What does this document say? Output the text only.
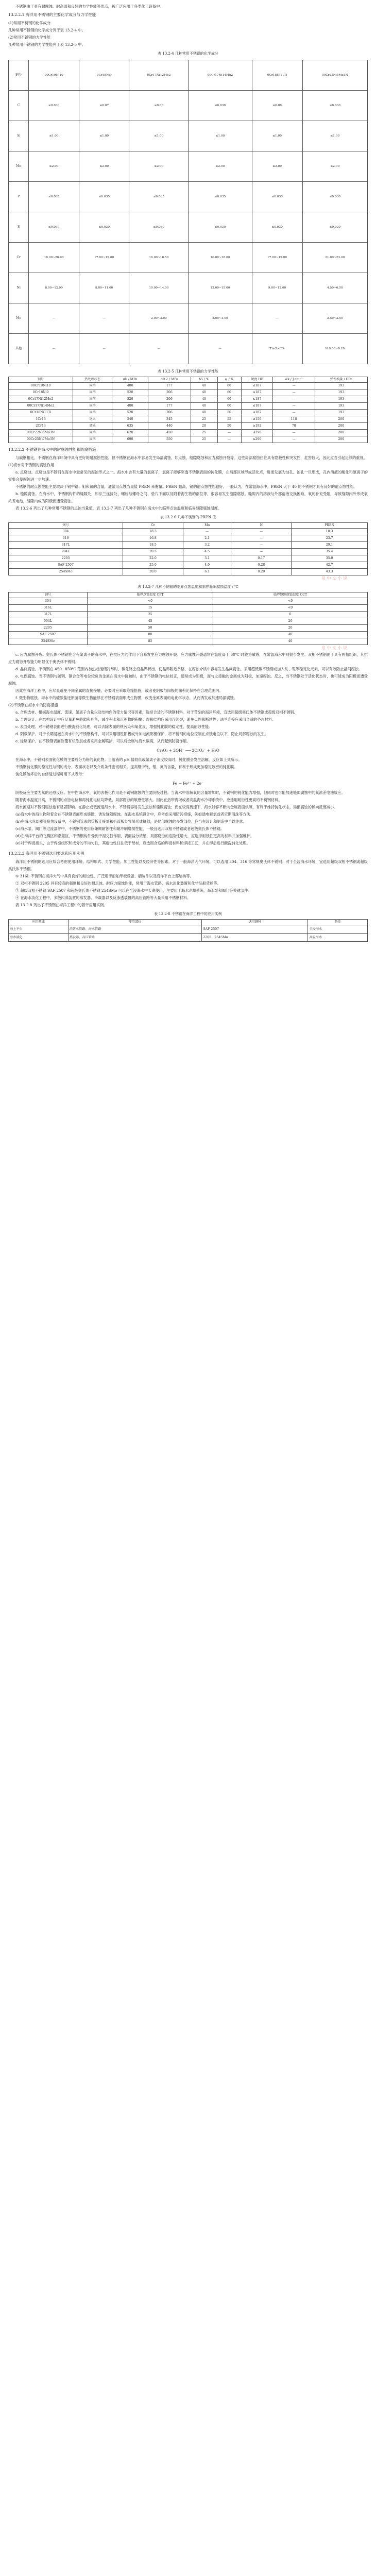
不锈钢由于具有耐腐蚀、耐高温和良好的力学性能等优点，被广泛应用于各类化工设备中。

13.2.2.1 海洋用不锈钢的主要化学成分与力学性能

(1)常用不锈钢的化学成分

几种常用不锈钢的化学成分列于表 13.2-4 中。

(2)常用不锈钢的力学性能

几种常用不锈钢的力学性能列于表 13.2-5 中。

表 13.2-4 几种常用不锈钢的化学成分

钢号	00Cr19Ni10	0Cr18Ni9	0Cr17Ni12Mo2	00Cr17Ni14Mo2	0Cr18Ni11Ti	00Cr22Ni5Mo3N
C	≤0.030	≤0.07	≤0.08	≤0.030	≤0.08	≤0.030
Si	≤1.00	≤1.00	≤1.00	≤1.00	≤1.00	≤1.00
Mn	≤2.00	≤2.00	≤2.00	≤2.00	≤2.00	≤2.00
P	≤0.035	≤0.035	≤0.035	≤0.035	≤0.035	≤0.030
S	≤0.030	≤0.030	≤0.030	≤0.030	≤0.030	≤0.020
Cr	18.00~20.00	17.00~19.00	16.00~18.50	16.00~18.00	17.00~19.00	21.00~23.00
Ni	8.00~12.00	8.00~11.00	10.00~14.00	12.00~15.00	9.00~12.00	4.50~6.50
Mo	—	—	2.00~3.00	2.00~3.00	—	2.50~3.50
其他	—	—	—	—	Ti≥5×C%	N 0.08~0.20

表 13.2-5 几种常用不锈钢的力学性能

钢号	热处理状态	σb / MPa	σ0.2 / MPa	δ5 / %	ψ / %	硬度 HB	αk / J·cm⁻²	弹性模量 / GPa
00Cr19Ni10	固溶	480	177	40	60	≤187	—	193
0Cr18Ni9	固溶	520	206	40	60	≤187	—	193
0Cr17Ni12Mo2	固溶	520	206	40	60	≤187	—	193
00Cr17Ni14Mo2	固溶	480	177	40	60	≤187	—	193
0Cr18Ni11Ti	固溶	520	206	40	50	≤187	—	193
1Cr13	退火	540	345	25	55	≥159	118	200
2Cr13	调质	635	440	20	50	≥192	78	200
00Cr22Ni5Mo3N	固溶	620	450	25	—	≤290	—	200
00Cr25Ni7Mo3N	固溶	690	550	25	—	≤290	—	200

13.2.2.2 不锈钢在海水中的耐腐蚀性能和防腐措施

与碳钢相比，不锈钢在海洋环境中具有更好的耐腐蚀性能。但不锈钢在海水中容易发生局部腐蚀，如点蚀、缝隙腐蚀和应力腐蚀开裂等。这些局部腐蚀往往具有隐蔽性和突发性，危害较大，因此应当引起足够的重视。

(1)海水对不锈钢的腐蚀作用

a. 点腐蚀。点腐蚀是不锈钢在海水中最常见的腐蚀形式之一。海水中含有大量的氯离子，氯离子能够穿透不锈钢表面的钝化膜，在局部区域形成活化点，进而发展为蚀孔。蚀孔一旦形成，孔内溶液的酸化和氯离子的富集会使腐蚀进一步加速。

不锈钢的耐点蚀性能主要取决于钢中铬、钼和氮的含量，通常用点蚀当量值 PREN 来衡量。PREN 越高，钢的耐点蚀性能越好。一般认为，在常温海水中，PREN 大于 40 的不锈钢才具有良好的耐点蚀性能。

b. 缝隙腐蚀。在海水中，不锈钢构件的缝隙处，如法兰连接处、螺栓与螺母之间、垫片下面以及附着海生物的部位等，很容易发生缝隙腐蚀。缝隙内的溶液与外部溶液交换困难，氧的补充受阻，导致缝隙内外形成氧浓差电池，缝隙内成为阳极而遭受腐蚀。

表 13.2-6 列出了几种常用不锈钢的点蚀当量值，表 13.2-7 列出了几种不锈钢在海水中的临界点蚀温度和临界缝隙腐蚀温度。

表 13.2-6 几种不锈钢的 PREN 值

钢号	Cr	Mo	N	PREN
304	18.3	—	—	18.3
316	16.8	2.1	—	23.7
317L	18.5	3.2	—	29.1
904L	20.5	4.5	—	35.4
2205	22.0	3.1	0.17	35.0
SAF 2507	25.0	4.0	0.28	42.7
254SMo	20.0	6.1	0.20	43.3

泉 中 文 小 说

表 13.2-7 几种不锈钢的临界点蚀温度和临界缝隙腐蚀温度 / ℃

钢号	临界点蚀温度 CPT	临界缝隙腐蚀温度 CCT
304	<0	<0
316L	15	<0
317L	25	0
904L	45	20
2205	50	20
SAF 2507	80	40
254SMo	85	40

泉 中 文 小 说

c. 应力腐蚀开裂。奥氏体不锈钢在含有氯离子的海水中，在拉应力的作用下容易发生应力腐蚀开裂。应力腐蚀开裂通常在温度高于 60℃ 时较为敏感，在常温海水中则很少发生。双相不锈钢由于具有两相组织，其抗应力腐蚀开裂能力明显优于奥氏体不锈钢。

d. 晶间腐蚀。不锈钢在 450~850℃ 范围内加热或缓慢冷却时，碳化铬会沿晶界析出，使晶界附近贫铬，在腐蚀介质中容易发生晶间腐蚀。采用超低碳不锈钢或加入钛、铌等稳定化元素，可以有效防止晶间腐蚀。

e. 电偶腐蚀。当不锈钢与碳钢、铜合金等电位较负的金属在海水中接触时，由于不锈钢的电位较正，通常成为阴极，而与之接触的金属成为阳极，加速腐蚀。反之，当不锈钢处于活化状态时，也可能成为阳极而遭受腐蚀。

因此在海洋工程中，应尽量避免不同金属的直接接触，必要时应采取绝缘措施，或者使阴极与阳极的面积比保持在合理范围内。

f. 微生物腐蚀。海水中的硫酸盐还原菌等微生物能够在不锈钢表面形成生物膜，改变金属表面的电化学状态，从而诱发或加速局部腐蚀。

(2)不锈钢在海水中的防腐措施

a. 合理选材。根据海水温度、流速、氯离子含量以及结构件的受力情况等因素，选择合适的不锈钢材料。对于苛刻的海洋环境，宜选用超级奥氏体不锈钢或超级双相不锈钢。

b. 合理设计。在结构设计中应尽量避免缝隙和死角，减少积水和沉积物的积聚；焊接结构应采用连续焊，避免点焊和断续焊；法兰连接应采用合适的垫片材料。

c. 表面处理。对不锈钢表面进行酸洗钝化处理，可以去除表面的铁污染和氧化皮，增强钝化膜的稳定性，提高耐蚀性能。

d. 阴极保护。对于长期浸泡在海水中的不锈钢构件，可以采用牺牲阳极或外加电流阴极保护，将不锈钢的电位控制在点蚀电位以下，防止局部腐蚀的发生。

e. 涂层保护。在不锈钢表面涂覆有机涂层或者采用金属喷涂，可以将金属与海水隔离，从而起到防腐作用。

Cr₂O₃ + 2OH⁻ ⟶ 2CrO₂⁻ + H₂O

在海水中，不锈钢表面钝化膜的主要成分为铬的氧化物。当溶液的 pH 值较低或氯离子浓度较高时，钝化膜会发生溶解，反应如上式所示。

不锈钢钝化膜的稳定性与钢的成分、表面状态以及介质条件密切相关。提高钢中铬、钼、氮的含量，有利于形成更加稳定致密的钝化膜。

钝化膜破坏后的自修复过程可用下式表示：

Fe → Fe²⁺ + 2e⁻

阴极反应主要为氧的还原反应。在中性海水中，氧的去极化作用是不锈钢腐蚀的主要阴极过程。当海水中溶解氧的含量增加时，不锈钢的钝化能力增强，但同时也可能加速缝隙腐蚀中的氧浓差电池效应。

随着海水温度升高，不锈钢的点蚀电位和再钝化电位均降低，局部腐蚀的敏感性增大。因此在热带海域或者高温海水冷却系统中，应选用耐蚀性更高的不锈钢材料。

海水流速对不锈钢腐蚀也有显著影响。在静止或低流速海水中，不锈钢容易发生点蚀和缝隙腐蚀；而在较高流速下，海水能够不断向金属表面供氧，有利于维持钝化状态，局部腐蚀的倾向反而减小。

(a)海水中的海生物附着会在不锈钢表面形成缝隙，诱发缝隙腐蚀。在海水系统设计中，应考虑采用防污措施，例如通电解氯或者定期清洗等方法。

(b)在海水冷却器等换热设备中，不锈钢管束的管板连接处和折流板处容易形成缝隙，是局部腐蚀的多发部位，应当在设计和制造中予以注意。

(c)海水泵、阀门等过流部件中，不锈钢的使用应兼顾耐蚀性和耐冲刷磨损性能，一般宜选用双相不锈钢或者超级奥氏体不锈钢。

(d)在海洋平台的飞溅区和潮差区，不锈钢构件受到干湿交替作用，表面盐分浓缩，局部腐蚀的危险性增大，应选择耐蚀性更高的材料并加强维护。

(e)对于焊接接头，由于焊缝组织和成分的不均匀性，其耐蚀性往往低于母材，应选用合适的焊接材料和焊接工艺，并在焊后进行酸洗钝化处理。

13.2.2.3 海洋用不锈钢选用要求和应用实例

海洋用不锈钢的选用应综合考虑使用环境、结构形式、力学性能、加工性能以及经济性等因素。对于一般海洋大气环境，可以选用 304、316 等常规奥氏体不锈钢；对于全浸海水环境，宜选用超级双相不锈钢或超级奥氏体不锈钢。

① 316L 不锈钢在海洋大气中具有良好的耐蚀性，广泛用于船舶甲板设备、舾装件以及海洋平台上部结构等。

② 双相不锈钢 2205 具有较高的强度和良好的耐点蚀、耐应力腐蚀性能，常用于海水管路、海水淡化装置和化学品船货舱等。

③ 超级双相不锈钢 SAF 2507 和超级奥氏体不锈钢 254SMo 可以在全浸海水中长期使用，主要用于海水冷却系统、海水泵和阀门等关键部件。

④ 在海水淡化工程中，多级闪蒸装置的蒸发器、冷凝器以及反渗透装置的高压管路等大量采用不锈钢材料。

表 13.2-8 列出了不锈钢在海洋工程中的若干应用实例。

表 13.2-8 不锈钢在海洋工程中的应用实例

应用领域	使用部位	选用钢种	备注
海上平台	消防水管路、海水管路	SAF 2507	全浸海水
海水淡化	蒸发器、高压管路	2205、254SMo	高温海水
